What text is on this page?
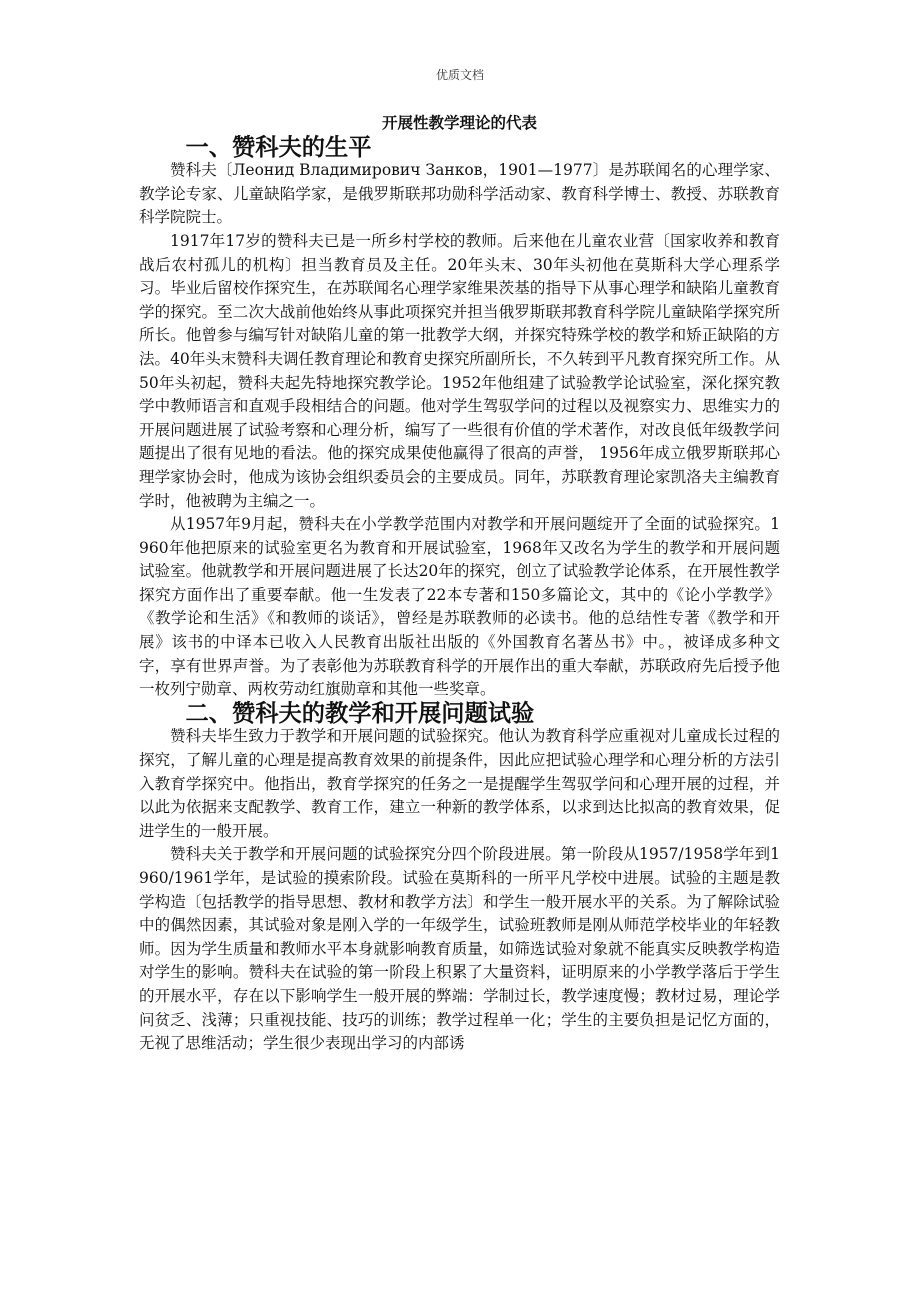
优质文档
开展性教学理论的代表
一、赞科夫的生平

赞科夫〔Леонид Владимирович Занков，1901—1977〕是苏联闻名的心理学家、教学论专家、儿童缺陷学家，是俄罗斯联邦功勋科学活动家、教育科学博士、教授、苏联教育科学院院士。

1917年17岁的赞科夫已是一所乡村学校的教师。后来他在儿童农业营〔国家收养和教育战后农村孤儿的机构〕担当教育员及主任。20年头末、30年头初他在莫斯科大学心理系学习。毕业后留校作探究生，在苏联闻名心理学家维果茨基的指导下从事心理学和缺陷儿童教育学的探究。至二次大战前他始终从事此项探究并担当俄罗斯联邦教育科学院儿童缺陷学探究所所长。他曾参与编写针对缺陷儿童的第一批教学大纲，并探究特殊学校的教学和矫正缺陷的方法。40年头末赞科夫调任教育理论和教育史探究所副所长，不久转到平凡教育探究所工作。从50年头初起，赞科夫起先特地探究教学论。1952年他组建了试验教学论试验室，深化探究教学中教师语言和直观手段相结合的问题。他对学生驾驭学问的过程以及视察实力、思维实力的开展问题进展了试验考察和心理分析，编写了一些很有价值的学术著作，对改良低年级教学问题提出了很有见地的看法。他的探究成果使他赢得了很高的声誉， 1956年成立俄罗斯联邦心理学家协会时，他成为该协会组织委员会的主要成员。同年，苏联教育理论家凯洛夫主编教育学时，他被聘为主编之一。

从1957年9月起，赞科夫在小学教学范围内对教学和开展问题绽开了全面的试验探究。1960年他把原来的试验室更名为教育和开展试验室，1968年又改名为学生的教学和开展问题试验室。他就教学和开展问题进展了长达20年的探究，创立了试验教学论体系，在开展性教学探究方面作出了重要奉献。他一生发表了22本专著和150多篇论文，其中的《论小学教学》《教学论和生活》《和教师的谈话》，曾经是苏联教师的必读书。他的总结性专著《教学和开展》该书的中译本已收入人民教育出版社出版的《外国教育名著丛书》中。，被译成多种文字，享有世界声誉。为了表彰他为苏联教育科学的开展作出的重大奉献，苏联政府先后授予他一枚列宁勋章、两枚劳动红旗勋章和其他一些奖章。

二、赞科夫的教学和开展问题试验

赞科夫毕生致力于教学和开展问题的试验探究。他认为教育科学应重视对儿童成长过程的探究，了解儿童的心理是提高教育效果的前提条件，因此应把试验心理学和心理分析的方法引入教育学探究中。他指出，教育学探究的任务之一是提醒学生驾驭学问和心理开展的过程，并以此为依据来支配教学、教育工作，建立一种新的教学体系，以求到达比拟高的教育效果，促进学生的一般开展。

赞科夫关于教学和开展问题的试验探究分四个阶段进展。第一阶段从1957/1958学年到1960/1961学年，是试验的摸索阶段。试验在莫斯科的一所平凡学校中进展。试验的主题是教学构造〔包括教学的指导思想、教材和教学方法〕和学生一般开展水平的关系。为了解除试验中的偶然因素，其试验对象是刚入学的一年级学生，试验班教师是刚从师范学校毕业的年轻教师。因为学生质量和教师水平本身就影响教育质量，如筛选试验对象就不能真实反映教学构造对学生的影响。赞科夫在试验的第一阶段上积累了大量资料，证明原来的小学教学落后于学生的开展水平，存在以下影响学生一般开展的弊端：学制过长，教学速度慢；教材过易，理论学问贫乏、浅薄；只重视技能、技巧的训练；教学过程单一化；学生的主要负担是记忆方面的，无视了思维活动；学生很少表现出学习的内部诱
